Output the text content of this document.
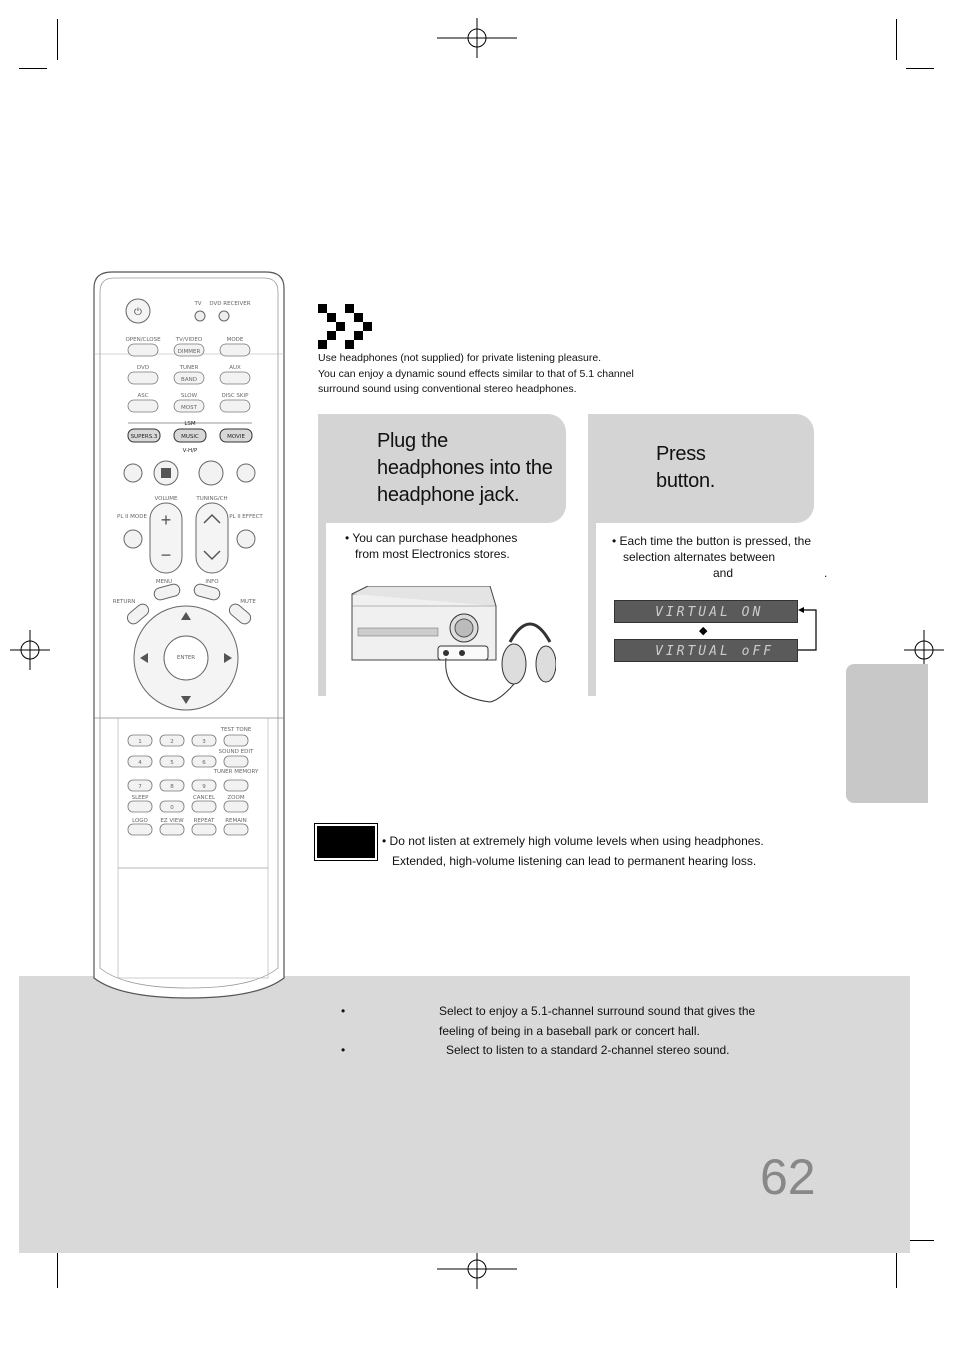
⏻
+
−
TV DVD RECEIVER
OPEN/CLOSE	TV/VIDEO	MODE
DIMMER
DVD	TUNER	AUX
BAND
ASC	SLOW	DISC SKIP
MOST
LSM
SUPERS.3	MUSIC	MOVIE
V-H/P
VOLUME	TUNING/CH
PL II MODE	PL II EFFECT
MENU	INFO
RETURN	MUTE
ENTER
TEST TONE
SOUND EDIT
TUNER MEMORY
1	2	3
4	5	6
7	8	9
0
SLEEP	CANCEL ZOOM
LOGO EZ VIEW REPEAT REMAIN
Use headphones (not supplied) for private listening pleasure.
You can enjoy a dynamic sound effects similar to that of 5.1 channel
surround sound using conventional stereo headphones.
Plug the
headphones into the
headphone jack.
• You can purchase headphones
from most Electronics stores.
Press
button.
• Each time the button is pressed, the
selection alternates between
and	.
VIRTUAL ON
◆
VIRTUAL oFF
• Do not listen at extremely high volume levels when using headphones.
Extended, high-volume listening can lead to permanent hearing loss.
•	Select to enjoy a 5.1-channel surround sound that gives the
feeling of being in a baseball park or concert hall.
•	Select to listen to a standard 2-channel stereo sound.
62
